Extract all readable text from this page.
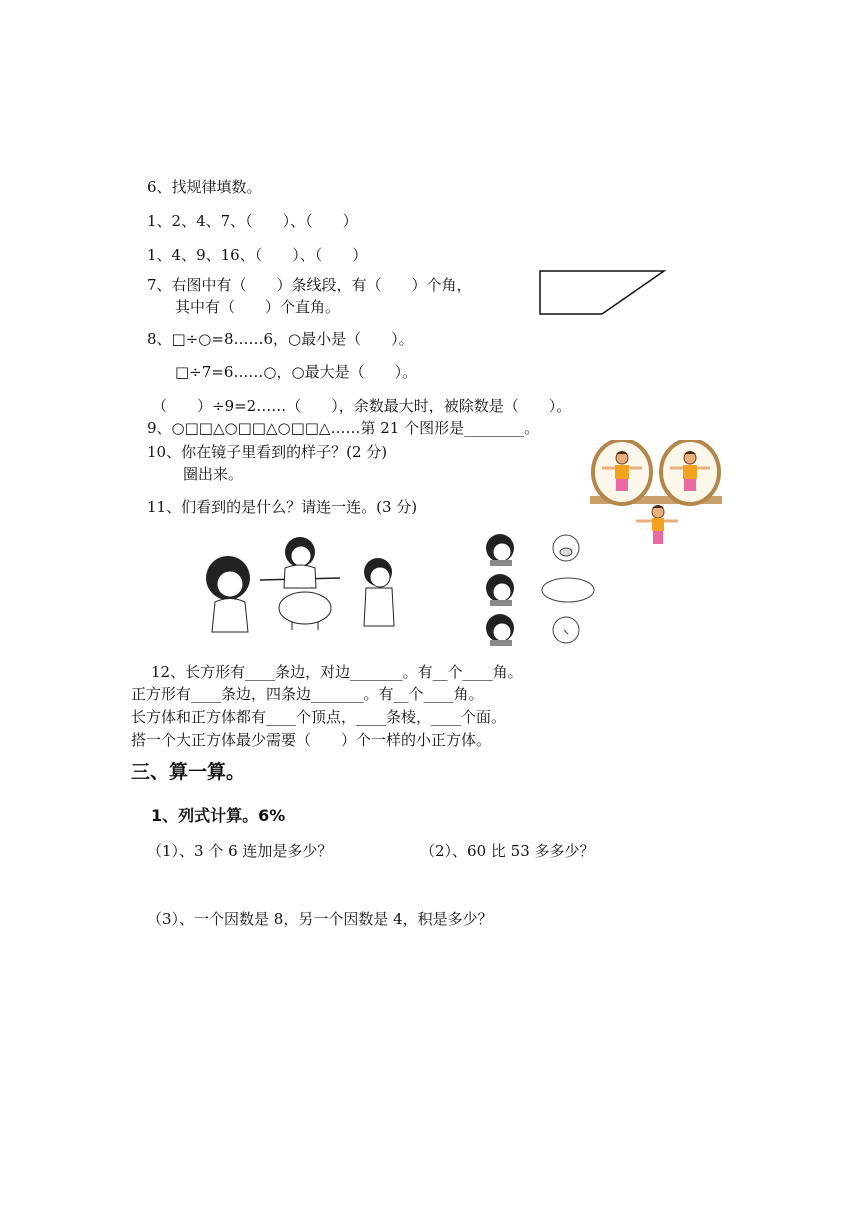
6、找规律填数。
1、2、4、7、（　　）、（　　）
1、4、9、16、（　　）、（　　）
7、右图中有（　　）条线段，有（　　）个角，
其中有（　　）个直角。
8、□÷○=8……6，○最小是（　　）。
□÷7=6……○，○最大是（　　）。
（　　）÷9=2……（　　），余数最大时，被除数是（　　）。
9、○□□△○□□△○□□△……第 21 个图形是________。
10、你在镜子里看到的样子？(2 分)
圈出来。
11、们看到的是什么？请连一连。(3 分)
12、长方形有____条边，对边_______。有__个____角。
正方形有____条边，四条边_______。有__个____角。
长方体和正方体都有____个顶点，____条棱，____个面。
搭一个大正方体最少需要（　　）个一样的小正方体。
三、算一算。
1、列式计算。6%
（1）、3 个 6 连加是多少？	（2）、60 比 53 多多少？
（3）、一个因数是 8，另一个因数是 4，积是多少？
